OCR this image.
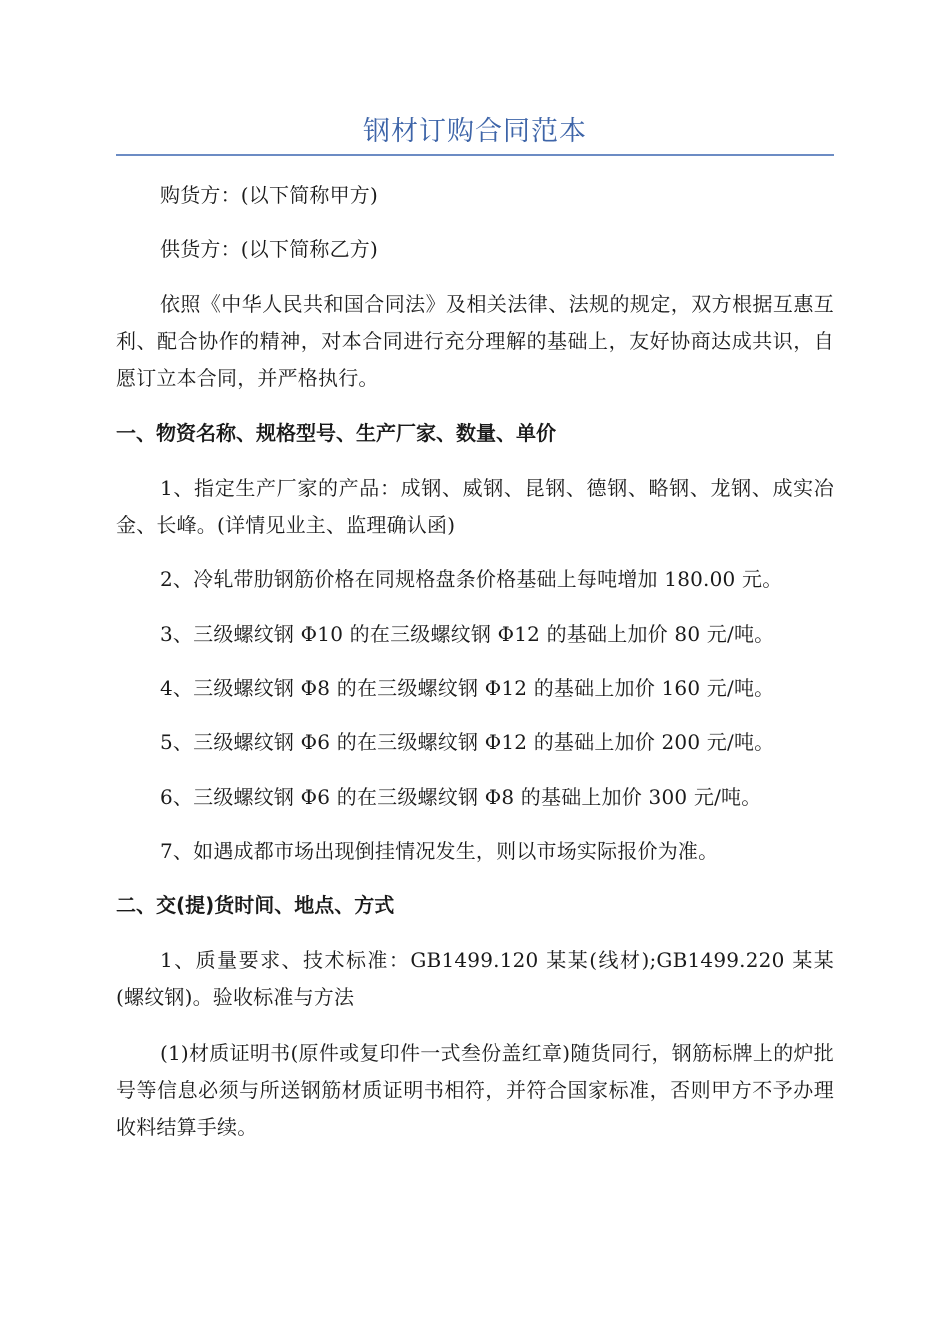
钢材订购合同范本
购货方：(以下简称甲方)
供货方：(以下简称乙方)
依照《中华人民共和国合同法》及相关法律、法规的规定，双方根据互惠互利、配合协作的精神，对本合同进行充分理解的基础上，友好协商达成共识，自愿订立本合同，并严格执行。
一、物资名称、规格型号、生产厂家、数量、单价
1、指定生产厂家的产品：成钢、威钢、昆钢、德钢、略钢、龙钢、成实冶金、长峰。(详情见业主、监理确认函)
2、冷轧带肋钢筋价格在同规格盘条价格基础上每吨增加 180.00 元。
3、三级螺纹钢 Φ10 的在三级螺纹钢 Φ12 的基础上加价 80 元/吨。
4、三级螺纹钢 Φ8 的在三级螺纹钢 Φ12 的基础上加价 160 元/吨。
5、三级螺纹钢 Φ6 的在三级螺纹钢 Φ12 的基础上加价 200 元/吨。
6、三级螺纹钢 Φ6 的在三级螺纹钢 Φ8 的基础上加价 300 元/吨。
7、如遇成都市场出现倒挂情况发生，则以市场实际报价为准。
二、交(提)货时间、地点、方式
1、质量要求、技术标准：GB1499.120 某某(线材);GB1499.220 某某(螺纹钢)。验收标准与方法
(1)材质证明书(原件或复印件一式叁份盖红章)随货同行，钢筋标牌上的炉批号等信息必须与所送钢筋材质证明书相符，并符合国家标准，否则甲方不予办理收料结算手续。
